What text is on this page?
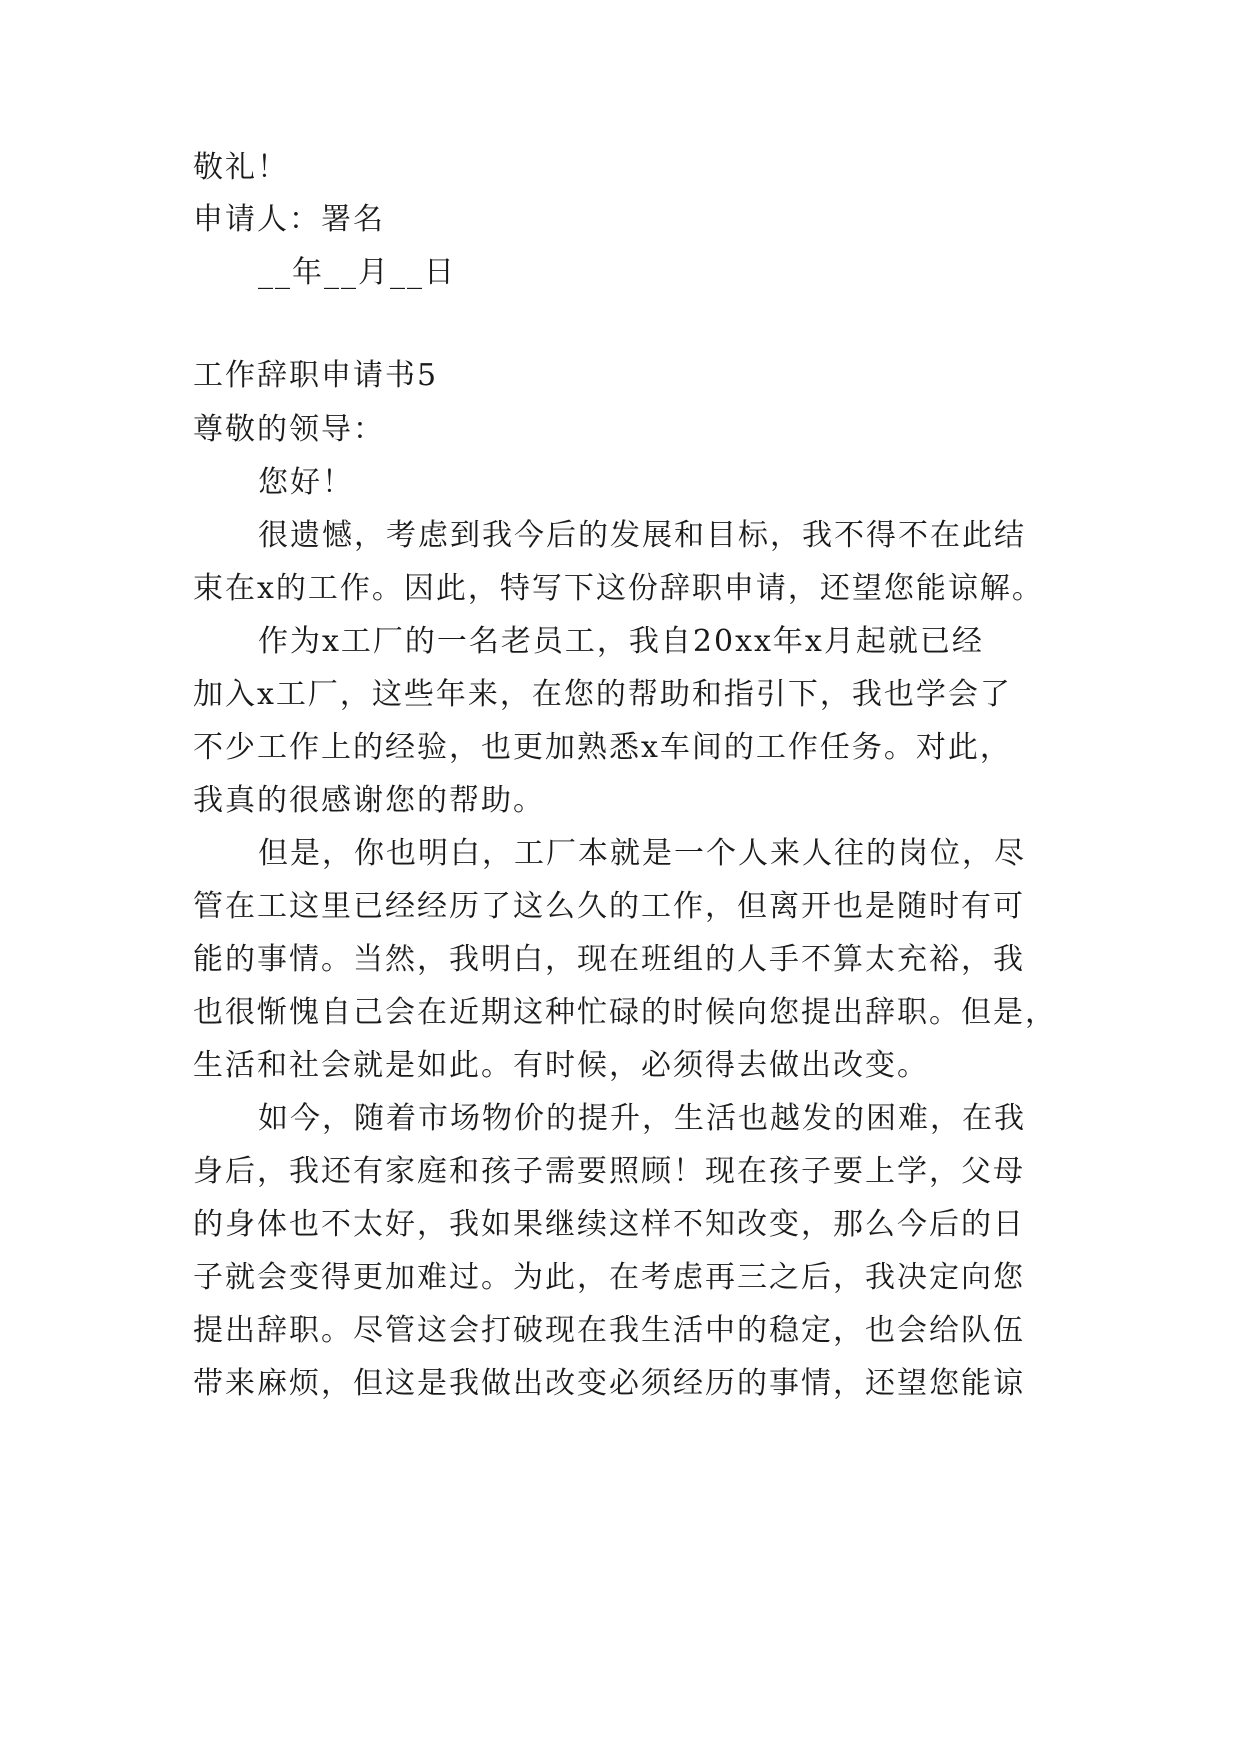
敬礼！
申请人：署名
__年__月__日
工作辞职申请书5
尊敬的领导：
您好！
很遗憾，考虑到我今后的发展和目标，我不得不在此结
束在x的工作。因此，特写下这份辞职申请，还望您能谅解。
作为x工厂的一名老员工，我自20xx年x月起就已经
加入x工厂，这些年来，在您的帮助和指引下，我也学会了
不少工作上的经验，也更加熟悉x车间的工作任务。对此，
我真的很感谢您的帮助。
但是，你也明白，工厂本就是一个人来人往的岗位，尽
管在工这里已经经历了这么久的工作，但离开也是随时有可
能的事情。当然，我明白，现在班组的人手不算太充裕，我
也很惭愧自己会在近期这种忙碌的时候向您提出辞职。但是，
生活和社会就是如此。有时候，必须得去做出改变。
如今，随着市场物价的提升，生活也越发的困难，在我
身后，我还有家庭和孩子需要照顾！现在孩子要上学，父母
的身体也不太好，我如果继续这样不知改变，那么今后的日
子就会变得更加难过。为此，在考虑再三之后，我决定向您
提出辞职。尽管这会打破现在我生活中的稳定，也会给队伍
带来麻烦，但这是我做出改变必须经历的事情，还望您能谅
